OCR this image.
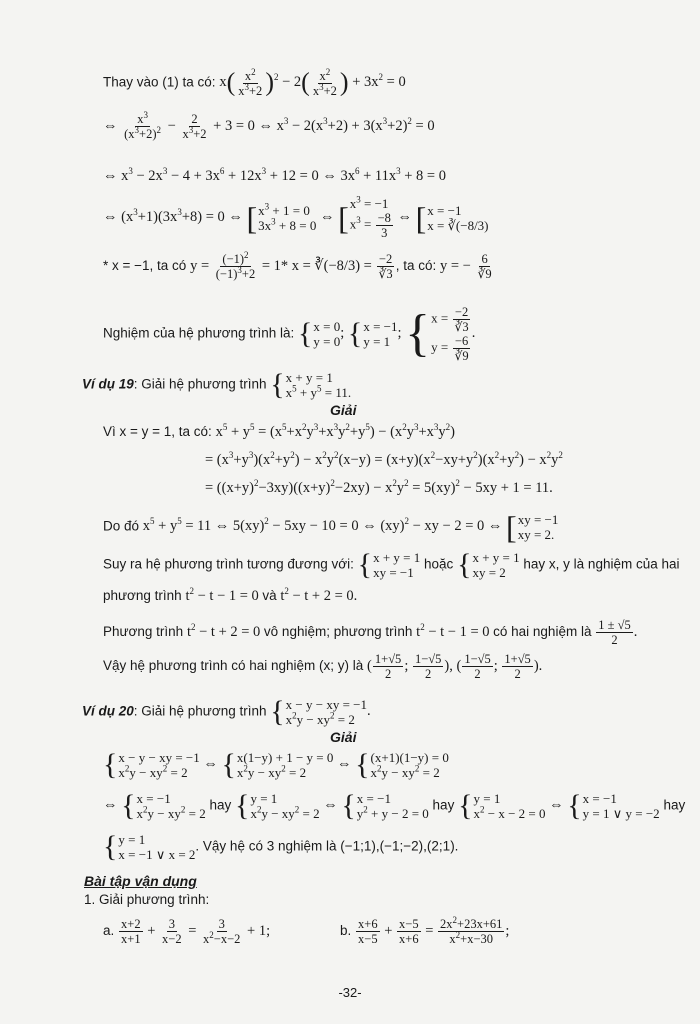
Thay vào (1) ta có: $x( \frac{x^2}{x^3+2} )^2 - 2( \frac{x^2}{x^3+2}$ ) + $3x^2 = 0$
⇔ $\frac{x^3}{(x^3+2)^2} - \frac{2}{x^3+2} + 3 = 0$ ⇔ $x^3 - 2(x^3+2) + 3(x^3+2)^2 = 0$
⇔ $x^3 - 2x^3 - 4 + 3x^6 + 12x^3 + 12 = 0$ ⇔ $3x^6 + 11x^3 + 8 = 0$
⇔ $(x^3+1)(3x^3+8) = 0$ ⇔ [ $x^3 + 1 = 0$
$3x^3 + 8 = 0$
⇔ [ $x^3 = -1$
$x^3 = \frac{-8}{3}$ ⇔ [ x = −1
x = ∛(−8/3)
* x = −1, ta có $y = \frac{(-1)^2}{(-1)^3+2} = 1*$ x = ∛(−8/3) = $\frac{-2}{∛3}$ , ta có: y = − $\frac{6}{∛9}$
Nghiệm của hệ phương trình là: { x = 0
y = 0
; { x = −1
y = 1
; { $x = \frac{-2}{∛3}$
$y = \frac{-6}{∛9}$
.
Ví dụ 19: Giải hệ phương trình { x + y = 1
$x^5 + y^5 = 11$.
Giải
Vì x = y = 1, ta có: $x^5 + y^5 = (x^5+x^2y^3+x^3y^2+y^5) - (x^2y^3+x^3y^2)$
= $(x^3+y^3)(x^2+y^2) - x^2y^2(x-y) = (x+y)(x^2-xy+y^2)(x^2+y^2) - x^2y^2$
= $((x+y)^2-3xy)((x+y)^2-2xy) - x^2y^2 = 5(xy)^2 - 5xy + 1 = 11$.
Do đó $x^5 + y^5 = 11$ ⇔ 5(xy)$^2$ − 5xy − 10 = 0 ⇔ (xy)$^2$ − xy − 2 = 0 ⇔ [ xy = −1
xy = 2.
Suy ra hệ phương trình tương đương với: { x + y = 1
xy = −1
hoặc { x + y = 1
xy = 2
hay x, y là nghiệm của hai
phương trình $t^2 - t - 1 = 0$ và $t^2 - t + 2 = 0$.
Phương trình $t^2 - t + 2 = 0$ vô nghiệm; phương trình $t^2 - t - 1 = 0$ có hai nghiệm là $\frac{1 \pm √5}{2}$ .
Vậy hệ phương trình có hai nghiệm (x; y) là ( $\frac{1+√5}{2}$ ; $\frac{1-√5}{2}$ ), ( $\frac{1-√5}{2}$ ; $\frac{1+√5}{2}$ ).
Ví dụ 20: Giải hệ phương trình { x − y − xy = −1
$x^2y - xy^2 = 2$
.
Giải
{ x − y − xy = −1
$x^2y - xy^2 = 2$
⇔ { x(1−y) + 1 − y = 0
$x^2y - xy^2 = 2$
⇔ { (x+1)(1−y) = 0
$x^2y - xy^2 = 2$
⇔ { x = −1
$x^2y - xy^2 = 2$
hay { y = 1
$x^2y - xy^2 = 2$
⇔ { x = −1
$y^2 + y - 2 = 0$
hay { y = 1
$x^2 - x - 2 = 0$
⇔ { x = −1
y = 1 ∨ y = −2
hay
{ y = 1
x = −1 ∨ x = 2
. Vậy hệ có 3 nghiệm là (−1;1),(−1;−2),(2;1).
Bài tập vận dụng
1. Giải phương trình:
a. $\frac{x+2}{x+1} + \frac{3}{x-2} = \frac{3}{x^2-x-2} + 1$;	b. $\frac{x+6}{x-5} + \frac{x-5}{x+6} = \frac{2x^2+23x+61}{x^2+x-30}$ ;
-32-
